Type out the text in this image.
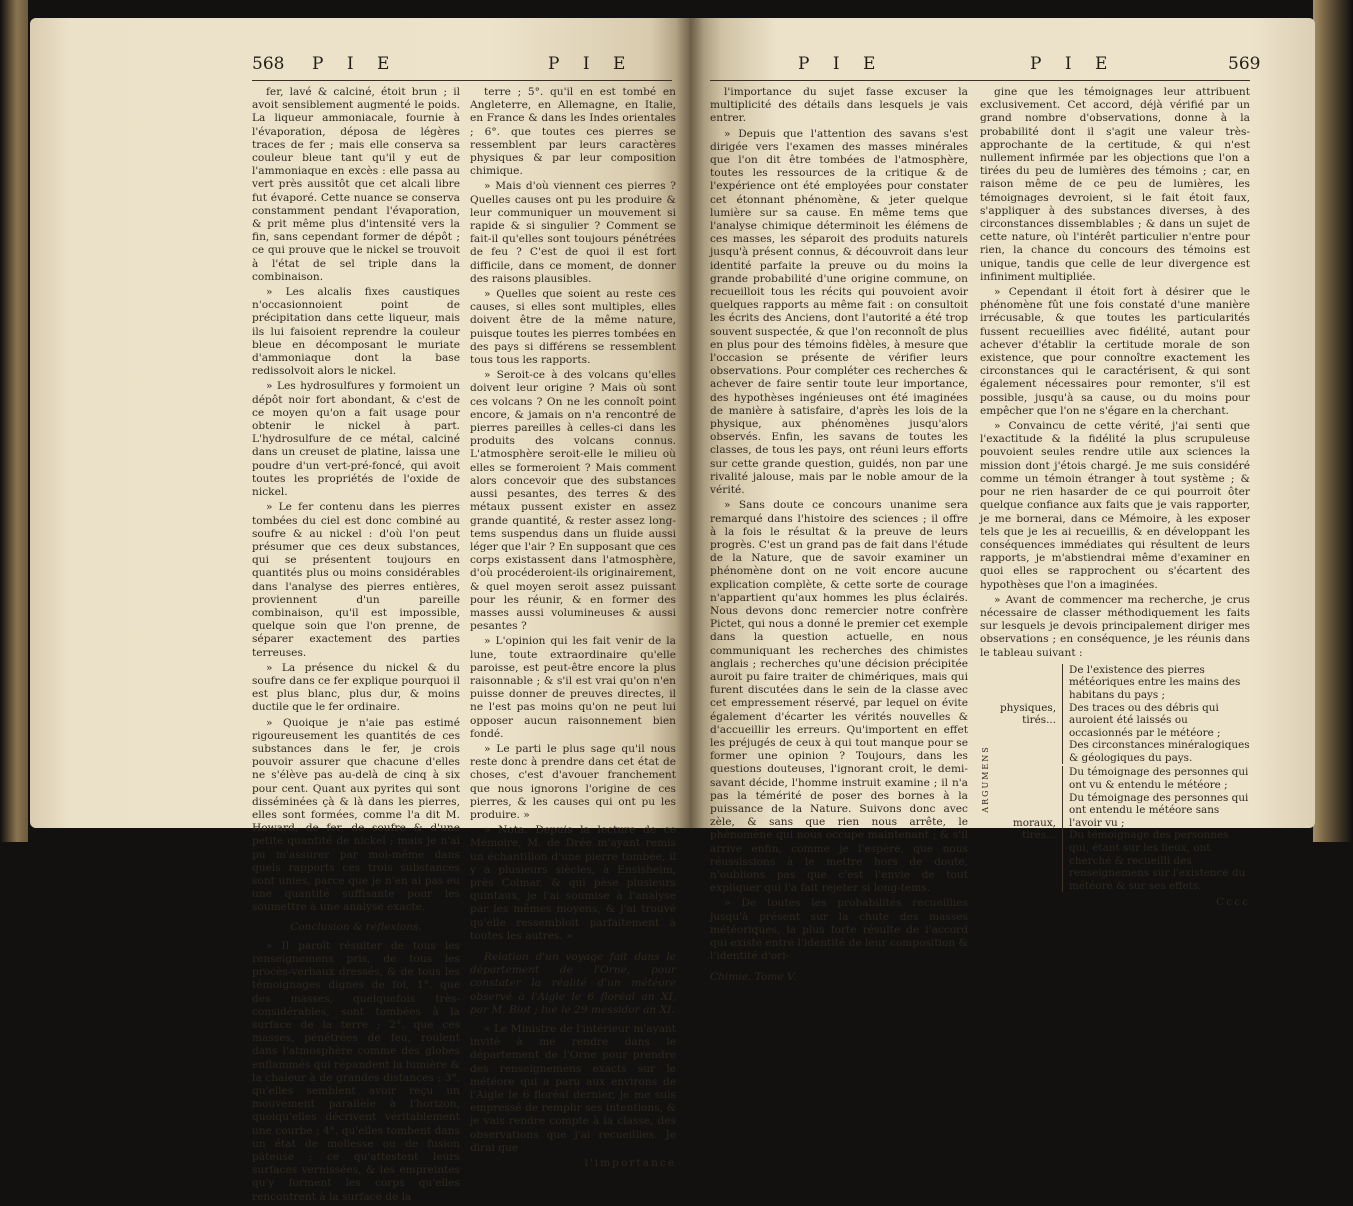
568 P I E	P I E

fer, lavé & calciné, étoit brun ; il avoit sensiblement augmenté le poids. La liqueur ammoniacale, fournie à l'évaporation, déposa de légères traces de fer ; mais elle conserva sa couleur bleue tant qu'il y eut de l'ammoniaque en excès : elle passa au vert près aussitôt que cet alcali libre fut évaporé. Cette nuance se conserva constamment pendant l'évaporation, & prit même plus d'intensité vers la fin, sans cependant former de dépôt ; ce qui prouve que le nickel se trouvoit à l'état de sel triple dans la combinaison.

» Les alcalis fixes caustiques n'occasionnoient point de précipitation dans cette liqueur, mais ils lui faisoient reprendre la couleur bleue en décomposant le muriate d'ammoniaque dont la base redissolvoit alors le nickel.

» Les hydrosulfures y formoient un dépôt noir fort abondant, & c'est de ce moyen qu'on a fait usage pour obtenir le nickel à part. L'hydrosulfure de ce métal, calciné dans un creuset de platine, laissa une poudre d'un vert-pré-foncé, qui avoit toutes les propriétés de l'oxide de nickel.

» Le fer contenu dans les pierres tombées du ciel est donc combiné au soufre & au nickel : d'où l'on peut présumer que ces deux substances, qui se présentent toujours en quantités plus ou moins considérables dans l'analyse des pierres entières, proviennent d'un pareille combinaison, qu'il est impossible, quelque soin que l'on prenne, de séparer exactement des parties terreuses.

» La présence du nickel & du soufre dans ce fer explique pourquoi il est plus blanc, plus dur, & moins ductile que le fer ordinaire.

» Quoique je n'aie pas estimé rigoureusement les quantités de ces substances dans le fer, je crois pouvoir assurer que chacune d'elles ne s'élève pas au-delà de cinq à six pour cent. Quant aux pyrites qui sont disséminées çà & là dans les pierres, elles sont formées, comme l'a dit M. Howard, de fer, de soufre & d'une petite quantité de nickel ; mais je n'ai pu m'assurer par moi-même dans quels rapports ces trois substances sont unies, parce que je n'en ai pas eu une quantité suffisante pour les soumettre à une analyse exacte.

Conclusion & réflexions.

» Il paroît résulter de tous les renseignemens pris, de tous les procès-verbaux dressés, & de tous les témoignages dignes de foi, 1°. que des masses, quelquefois très-considérables, sont tombées à la surface de la terre ; 2°. que ces masses, pénétrées de feu, roulent dans l'atmosphère comme des globes enflammés qui répandent la lumière & la chaleur à de grandes distances ; 3°. qu'elles semblent avoir reçu un mouvement parallèle à l'horizon, quoiqu'elles décrivent véritablement une courbe ; 4°. qu'elles tombent dans un état de mollesse ou de fusion pâteuse ; ce qu'attestent leurs surfaces vernissées, & les empreintes qu'y forment les corps qu'elles rencontrent à la surface de la

terre ; 5°. qu'il en est tombé en Angleterre, en Allemagne, en Italie, en France & dans les Indes orientales ; 6°. que toutes ces pierres se ressemblent par leurs caractères physiques & par leur composition chimique.

» Mais d'où viennent ces pierres ? Quelles causes ont pu les produire & leur communiquer un mouvement si rapide & si singulier ? Comment se fait-il qu'elles sont toujours pénétrées de feu ? C'est de quoi il est fort difficile, dans ce moment, de donner des raisons plausibles.

» Quelles que soient au reste ces causes, si elles sont multiples, elles doivent être de la même nature, puisque toutes les pierres tombées en des pays si différens se ressemblent tous tous les rapports.

» Seroit-ce à des volcans qu'elles doivent leur origine ? Mais où sont ces volcans ? On ne les connoît point encore, & jamais on n'a rencontré de pierres pareilles à celles-ci dans les produits des volcans connus. L'atmosphère seroit-elle le milieu où elles se formeroient ? Mais comment alors concevoir que des substances aussi pesantes, des terres & des métaux pussent exister en assez grande quantité, & rester assez long-tems suspendus dans un fluide aussi léger que l'air ? En supposant que ces corps existassent dans l'atmosphère, d'où procéderoient-ils originairement, & quel moyen seroit assez puissant pour les réunir, & en former des masses aussi volumineuses & aussi pesantes ?

» L'opinion qui les fait venir de la lune, toute extraordinaire qu'elle paroisse, est peut-être encore la plus raisonnable ; & s'il est vrai qu'on n'en puisse donner de preuves directes, il ne l'est pas moins qu'on ne peut lui opposer aucun raisonnement bien fondé.

» Le parti le plus sage qu'il nous reste donc à prendre dans cet état de choses, c'est d'avouer franchement que nous ignorons l'origine de ces pierres, & les causes qui ont pu les produire. »

» Nota. Depuis la lecture de ce Mémoire, M. de Drée m'ayant remis un échantillon d'une pierre tombée, il y a plusieurs siècles, à Ensisheim, près Colmar, & qui pèse plusieurs quintaux, je l'ai soumise à l'analyse par les mêmes moyens, & j'ai trouvé qu'elle ressembloit parfaitement à toutes les autres. »

Relation d'un voyage fait dans le département de l'Orne, pour constater la réalité d'un météore observé à l'Aigle le 6 floréal an XI, par M. Biot ; lue le 29 messidor an XI.

« Le Ministre de l'intérieur m'ayant invité à me rendre dans le département de l'Orne pour prendre des renseignemens exacts sur le météore qui a paru aux environs de l'Aigle le 6 floréal dernier, je me suis empressé de remplir ses intentions, & je vais rendre compte à la classe, des observations que j'ai recueillies. Je dirai que

l'importance

P I E	P I E	569

l'importance du sujet fasse excuser la multiplicité des détails dans lesquels je vais entrer.

» Depuis que l'attention des savans s'est dirigée vers l'examen des masses minérales que l'on dit être tombées de l'atmosphère, toutes les ressources de la critique & de l'expérience ont été employées pour constater cet étonnant phénomène, & jeter quelque lumière sur sa cause. En même tems que l'analyse chimique déterminoit les élémens de ces masses, les séparoit des produits naturels jusqu'à présent connus, & découvroit dans leur identité parfaite la preuve ou du moins la grande probabilité d'une origine commune, on recueilloit tous les récits qui pouvoient avoir quelques rapports au même fait : on consultoit les écrits des Anciens, dont l'autorité a été trop souvent suspectée, & que l'on reconnoît de plus en plus pour des témoins fidèles, à mesure que l'occasion se présente de vérifier leurs observations. Pour compléter ces recherches & achever de faire sentir toute leur importance, des hypothèses ingénieuses ont été imaginées de manière à satisfaire, d'après les lois de la physique, aux phénomènes jusqu'alors observés. Enfin, les savans de toutes les classes, de tous les pays, ont réuni leurs efforts sur cette grande question, guidés, non par une rivalité jalouse, mais par le noble amour de la vérité.

» Sans doute ce concours unanime sera remarqué dans l'histoire des sciences ; il offre à la fois le résultat & la preuve de leurs progrès. C'est un grand pas de fait dans l'étude de la Nature, que de savoir examiner un phénomène dont on ne voit encore aucune explication complète, & cette sorte de courage n'appartient qu'aux hommes les plus éclairés. Nous devons donc remercier notre confrère Pictet, qui nous a donné le premier cet exemple dans la question actuelle, en nous communiquant les recherches des chimistes anglais ; recherches qu'une décision précipitée auroit pu faire traiter de chimériques, mais qui furent discutées dans le sein de la classe avec cet empressement réservé, par lequel on évite également d'écarter les vérités nouvelles & d'accueillir les erreurs. Qu'importent en effet les préjugés de ceux à qui tout manque pour se former une opinion ? Toujours, dans les questions douteuses, l'ignorant croit, le demi-savant décide, l'homme instruit examine ; il n'a pas la témérité de poser des bornes à la puissance de la Nature. Suivons donc avec zèle, & sans que rien nous arrête, le phénomène qui nous occupe maintenant ; & s'il arrive enfin, comme je l'espère, que nous réussissions à le mettre hors de doute, n'oublions pas que c'est l'envie de tout expliquer qui l'a fait rejeter si long-tems.

» De toutes les probabilités recueillies jusqu'à présent sur la chute des masses météoriques, la plus forte résulte de l'accord qui existe entre l'identité de leur composition & l'identité d'ori-

Chimie. Tome V.

gine que les témoignages leur attribuent exclusivement. Cet accord, déjà vérifié par un grand nombre d'observations, donne à la probabilité dont il s'agit une valeur très-approchante de la certitude, & qui n'est nullement infirmée par les objections que l'on a tirées du peu de lumières des témoins ; car, en raison même de ce peu de lumières, les témoignages devroient, si le fait étoit faux, s'appliquer à des substances diverses, à des circonstances dissemblables ; & dans un sujet de cette nature, où l'intérêt particulier n'entre pour rien, la chance du concours des témoins est unique, tandis que celle de leur divergence est infiniment multipliée.

» Cependant il étoit fort à désirer que le phénomène fût une fois constaté d'une manière irrécusable, & que toutes les particularités fussent recueillies avec fidélité, autant pour achever d'établir la certitude morale de son existence, que pour connoître exactement les circonstances qui le caractérisent, & qui sont également nécessaires pour remonter, s'il est possible, jusqu'à sa cause, ou du moins pour empêcher que l'on ne s'égare en la cherchant.

» Convaincu de cette vérité, j'ai senti que l'exactitude & la fidélité la plus scrupuleuse pouvoient seules rendre utile aux sciences la mission dont j'étois chargé. Je me suis considéré comme un témoin étranger à tout système ; & pour ne rien hasarder de ce qui pourroit ôter quelque confiance aux faits que je vais rapporter, je me bornerai, dans ce Mémoire, à les exposer tels que je les ai recueillis, & en développant les conséquences immédiates qui résultent de leurs rapports, je m'abstiendrai même d'examiner en quoi elles se rapprochent ou s'écartent des hypothèses que l'on a imaginées.

» Avant de commencer ma recherche, je crus nécessaire de classer méthodiquement les faits sur lesquels je devois principalement diriger mes observations ; en conséquence, je les réunis dans le tableau suivant :

ARGUMENS
physiques, tirés...
De l'existence des pierres météoriques entre les mains des habitans du pays ;
Des traces ou des débris qui auroient été laissés ou occasionnés par le météore ;
Des circonstances minéralogiques & géologiques du pays.
moraux, tirés...
Du témoignage des personnes qui ont vu & entendu le météore ;
Du témoignage des personnes qui ont entendu le météore sans l'avoir vu ;
Du témoignage des personnes qui, étant sur les lieux, ont cherché & recueilli des renseignemens sur l'existence du météore & sur ses effets.

Cccc
